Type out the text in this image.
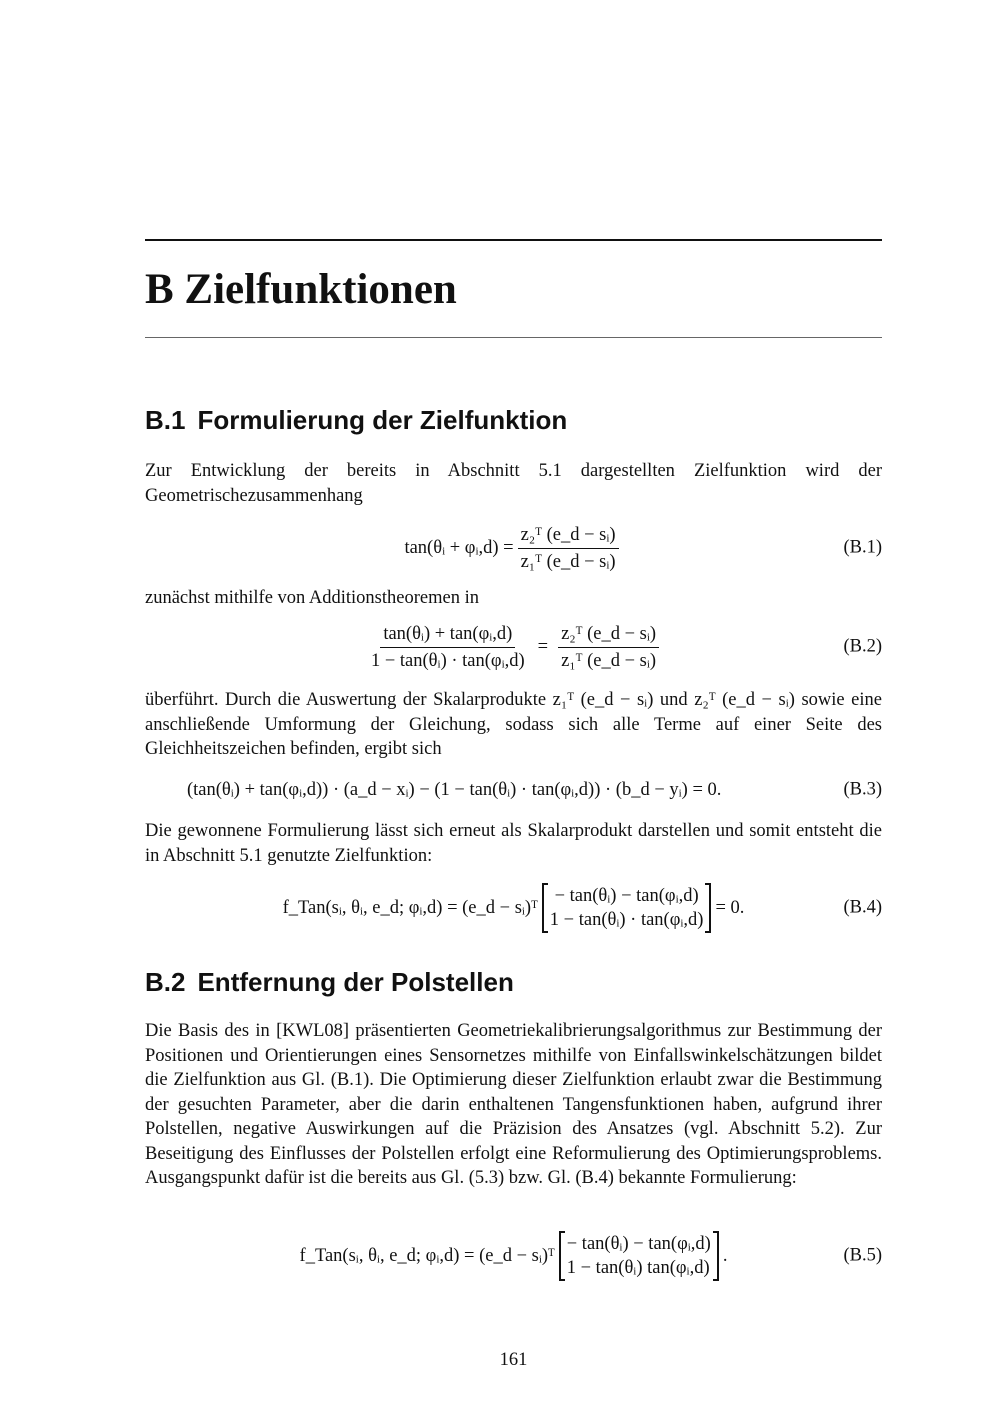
B Zielfunktionen
B.1 Formulierung der Zielfunktion

Zur Entwicklung der bereits in Abschnitt 5.1 dargestellten Zielfunktion wird der Geometrischezusammenhang

tan(θᵢ + φᵢ,d) = $\frac{\text{z₂ᵀ (e\_d − sᵢ)}}{\text{z₁ᵀ (e\_d − sᵢ)}}$	(B.1)

zunächst mithilfe von Additionstheoremen in

$\frac{\text{tan(θᵢ) + tan(φᵢ,d)}}{\text{1 − tan(θᵢ) · tan(φᵢ,d)}} = \frac{\text{z₂ᵀ (e\_d − sᵢ)}}{\text{z₁ᵀ (e\_d − sᵢ)}}$	(B.2)

überführt. Durch die Auswertung der Skalarprodukte z₁ᵀ (e_d − sᵢ) und z₂ᵀ (e_d − sᵢ) sowie eine anschließende Umformung der Gleichung, sodass sich alle Terme auf einer Seite des Gleichheitszeichen befinden, ergibt sich

(tan(θᵢ) + tan(φᵢ,d)) · (a_d − xᵢ) − (1 − tan(θᵢ) · tan(φᵢ,d)) · (b_d − yᵢ) = 0.	(B.3)

Die gewonnene Formulierung lässt sich erneut als Skalarprodukt darstellen und somit entsteht die in Abschnitt 5.1 genutzte Zielfunktion:

f_Tan(sᵢ, θᵢ, e_d; φᵢ,d) = (e_d − sᵢ)ᵀ
− tan(θᵢ) − tan(φᵢ,d)
1 − tan(θᵢ) · tan(φᵢ,d)
= 0.	(B.4)
B.2 Entfernung der Polstellen

Die Basis des in [KWL08] präsentierten Geometriekalibrierungsalgorithmus zur Bestimmung der Positionen und Orientierungen eines Sensornetzes mithilfe von Einfallswinkelschätzungen bildet die Zielfunktion aus Gl. (B.1). Die Optimierung dieser Zielfunktion erlaubt zwar die Bestimmung der gesuchten Parameter, aber die darin enthaltenen Tangensfunktionen haben, aufgrund ihrer Polstellen, negative Auswirkungen auf die Präzision des Ansatzes (vgl. Abschnitt 5.2). Zur Beseitigung des Einflusses der Polstellen erfolgt eine Reformulierung des Optimierungsproblems. Ausgangspunkt dafür ist die bereits aus Gl. (5.3) bzw. Gl. (B.4) bekannte Formulierung:

f_Tan(sᵢ, θᵢ, e_d; φᵢ,d) = (e_d − sᵢ)ᵀ
− tan(θᵢ) − tan(φᵢ,d)
1 − tan(θᵢ) tan(φᵢ,d)
.	(B.5)
161
